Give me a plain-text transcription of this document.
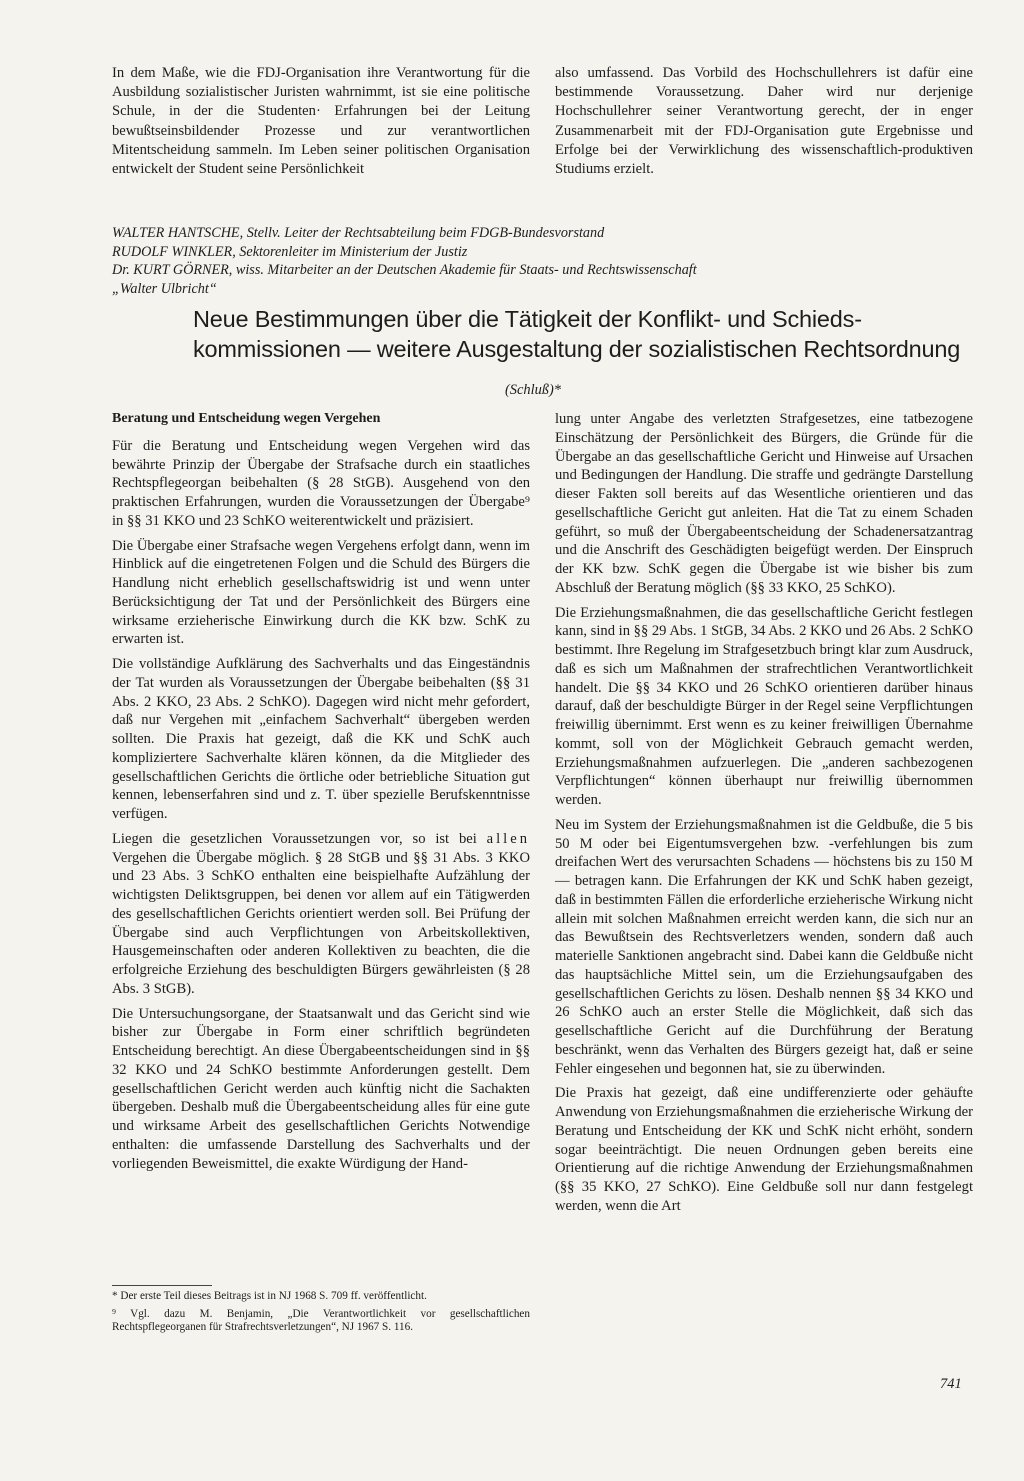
In dem Maße, wie die FDJ-Organisation ihre Verantwortung für die Ausbildung sozialistischer Juristen wahrnimmt, ist sie eine politische Schule, in der die Studenten· Erfahrungen bei der Leitung bewußtseinsbildender Prozesse und zur verantwortlichen Mitentscheidung sammeln. Im Leben seiner politischen Organisation entwickelt der Student seine Persönlichkeit

also umfassend. Das Vorbild des Hochschullehrers ist dafür eine bestimmende Voraussetzung. Daher wird nur derjenige Hochschullehrer seiner Verantwortung gerecht, der in enger Zusammenarbeit mit der FDJ-Organisation gute Ergebnisse und Erfolge bei der Verwirklichung des wissenschaftlich-produktiven Studiums erzielt.

WALTER HANTSCHE, Stellv. Leiter der Rechtsabteilung beim FDGB-Bundesvorstand
RUDOLF WINKLER, Sektorenleiter im Ministerium der Justiz
Dr. KURT GÖRNER, wiss. Mitarbeiter an der Deutschen Akademie für Staats- und Rechtswissenschaft
„Walter Ulbricht“
Neue Bestimmungen über die Tätigkeit der Konflikt- und Schieds-
kommissionen — weitere Ausgestaltung der sozialistischen Rechtsordnung
(Schluß)*
Beratung und Entscheidung wegen Vergehen

Für die Beratung und Entscheidung wegen Vergehen wird das bewährte Prinzip der Übergabe der Strafsache durch ein staatliches Rechtspflegeorgan beibehalten (§ 28 StGB). Ausgehend von den praktischen Erfahrungen, wurden die Voraussetzungen der Übergabe⁹ in §§ 31 KKO und 23 SchKO weiterentwickelt und präzisiert.

Die Übergabe einer Strafsache wegen Vergehens erfolgt dann, wenn im Hinblick auf die eingetretenen Folgen und die Schuld des Bürgers die Handlung nicht erheblich gesellschaftswidrig ist und wenn unter Berücksichtigung der Tat und der Persönlichkeit des Bürgers eine wirksame erzieherische Einwirkung durch die KK bzw. SchK zu erwarten ist.

Die vollständige Aufklärung des Sachverhalts und das Eingeständnis der Tat wurden als Voraussetzungen der Übergabe beibehalten (§§ 31 Abs. 2 KKO, 23 Abs. 2 SchKO). Dagegen wird nicht mehr gefordert, daß nur Vergehen mit „einfachem Sachverhalt“ übergeben werden sollten. Die Praxis hat gezeigt, daß die KK und SchK auch kompliziertere Sachverhalte klären können, da die Mitglieder des gesellschaftlichen Gerichts die örtliche oder betriebliche Situation gut kennen, lebenserfahren sind und z. T. über spezielle Berufskenntnisse verfügen.

Liegen die gesetzlichen Voraussetzungen vor, so ist bei allen Vergehen die Übergabe möglich. § 28 StGB und §§ 31 Abs. 3 KKO und 23 Abs. 3 SchKO enthalten eine beispielhafte Aufzählung der wichtigsten Deliktsgruppen, bei denen vor allem auf ein Tätigwerden des gesellschaftlichen Gerichts orientiert werden soll. Bei Prüfung der Übergabe sind auch Verpflichtungen von Arbeitskollektiven, Hausgemeinschaften oder anderen Kollektiven zu beachten, die die erfolgreiche Erziehung des beschuldigten Bürgers gewährleisten (§ 28 Abs. 3 StGB).

Die Untersuchungsorgane, der Staatsanwalt und das Gericht sind wie bisher zur Übergabe in Form einer schriftlich begründeten Entscheidung berechtigt. An diese Übergabeentscheidungen sind in §§ 32 KKO und 24 SchKO bestimmte Anforderungen gestellt. Dem gesellschaftlichen Gericht werden auch künftig nicht die Sachakten übergeben. Deshalb muß die Übergabeentscheidung alles für eine gute und wirksame Arbeit des gesellschaftlichen Gerichts Notwendige enthalten: die umfassende Darstellung des Sachverhalts und der vorliegenden Beweismittel, die exakte Würdigung der Hand-

lung unter Angabe des verletzten Strafgesetzes, eine tatbezogene Einschätzung der Persönlichkeit des Bürgers, die Gründe für die Übergabe an das gesellschaftliche Gericht und Hinweise auf Ursachen und Bedingungen der Handlung. Die straffe und gedrängte Darstellung dieser Fakten soll bereits auf das Wesentliche orientieren und das gesellschaftliche Gericht gut anleiten. Hat die Tat zu einem Schaden geführt, so muß der Übergabeentscheidung der Schadenersatzantrag und die Anschrift des Geschädigten beigefügt werden. Der Einspruch der KK bzw. SchK gegen die Übergabe ist wie bisher bis zum Abschluß der Beratung möglich (§§ 33 KKO, 25 SchKO).

Die Erziehungsmaßnahmen, die das gesellschaftliche Gericht festlegen kann, sind in §§ 29 Abs. 1 StGB, 34 Abs. 2 KKO und 26 Abs. 2 SchKO bestimmt. Ihre Regelung im Strafgesetzbuch bringt klar zum Ausdruck, daß es sich um Maßnahmen der strafrechtlichen Verantwortlichkeit handelt. Die §§ 34 KKO und 26 SchKO orientieren darüber hinaus darauf, daß der beschuldigte Bürger in der Regel seine Verpflichtungen freiwillig übernimmt. Erst wenn es zu keiner freiwilligen Übernahme kommt, soll von der Möglichkeit Gebrauch gemacht werden, Erziehungsmaßnahmen aufzuerlegen. Die „anderen sachbezogenen Verpflichtungen“ können überhaupt nur freiwillig übernommen werden.

Neu im System der Erziehungsmaßnahmen ist die Geldbuße, die 5 bis 50 M oder bei Eigentumsvergehen bzw. -verfehlungen bis zum dreifachen Wert des verursachten Schadens — höchstens bis zu 150 M — betragen kann. Die Erfahrungen der KK und SchK haben gezeigt, daß in bestimmten Fällen die erforderliche erzieherische Wirkung nicht allein mit solchen Maßnahmen erreicht werden kann, die sich nur an das Bewußtsein des Rechtsverletzers wenden, sondern daß auch materielle Sanktionen angebracht sind. Dabei kann die Geldbuße nicht das hauptsächliche Mittel sein, um die Erziehungsaufgaben des gesellschaftlichen Gerichts zu lösen. Deshalb nennen §§ 34 KKO und 26 SchKO auch an erster Stelle die Möglichkeit, daß sich das gesellschaftliche Gericht auf die Durchführung der Beratung beschränkt, wenn das Verhalten des Bürgers gezeigt hat, daß er seine Fehler eingesehen und begonnen hat, sie zu überwinden.

Die Praxis hat gezeigt, daß eine undifferenzierte oder gehäufte Anwendung von Erziehungsmaßnahmen die erzieherische Wirkung der Beratung und Entscheidung der KK und SchK nicht erhöht, sondern sogar beeinträchtigt. Die neuen Ordnungen geben bereits eine Orientierung auf die richtige Anwendung der Erziehungsmaßnahmen (§§ 35 KKO, 27 SchKO). Eine Geldbuße soll nur dann festgelegt werden, wenn die Art

* Der erste Teil dieses Beitrags ist in NJ 1968 S. 709 ff. veröffentlicht.

⁹ Vgl. dazu M. Benjamin, „Die Verantwortlichkeit vor gesellschaftlichen Rechtspflegeorganen für Strafrechtsverletzungen“, NJ 1967 S. 116.

741
